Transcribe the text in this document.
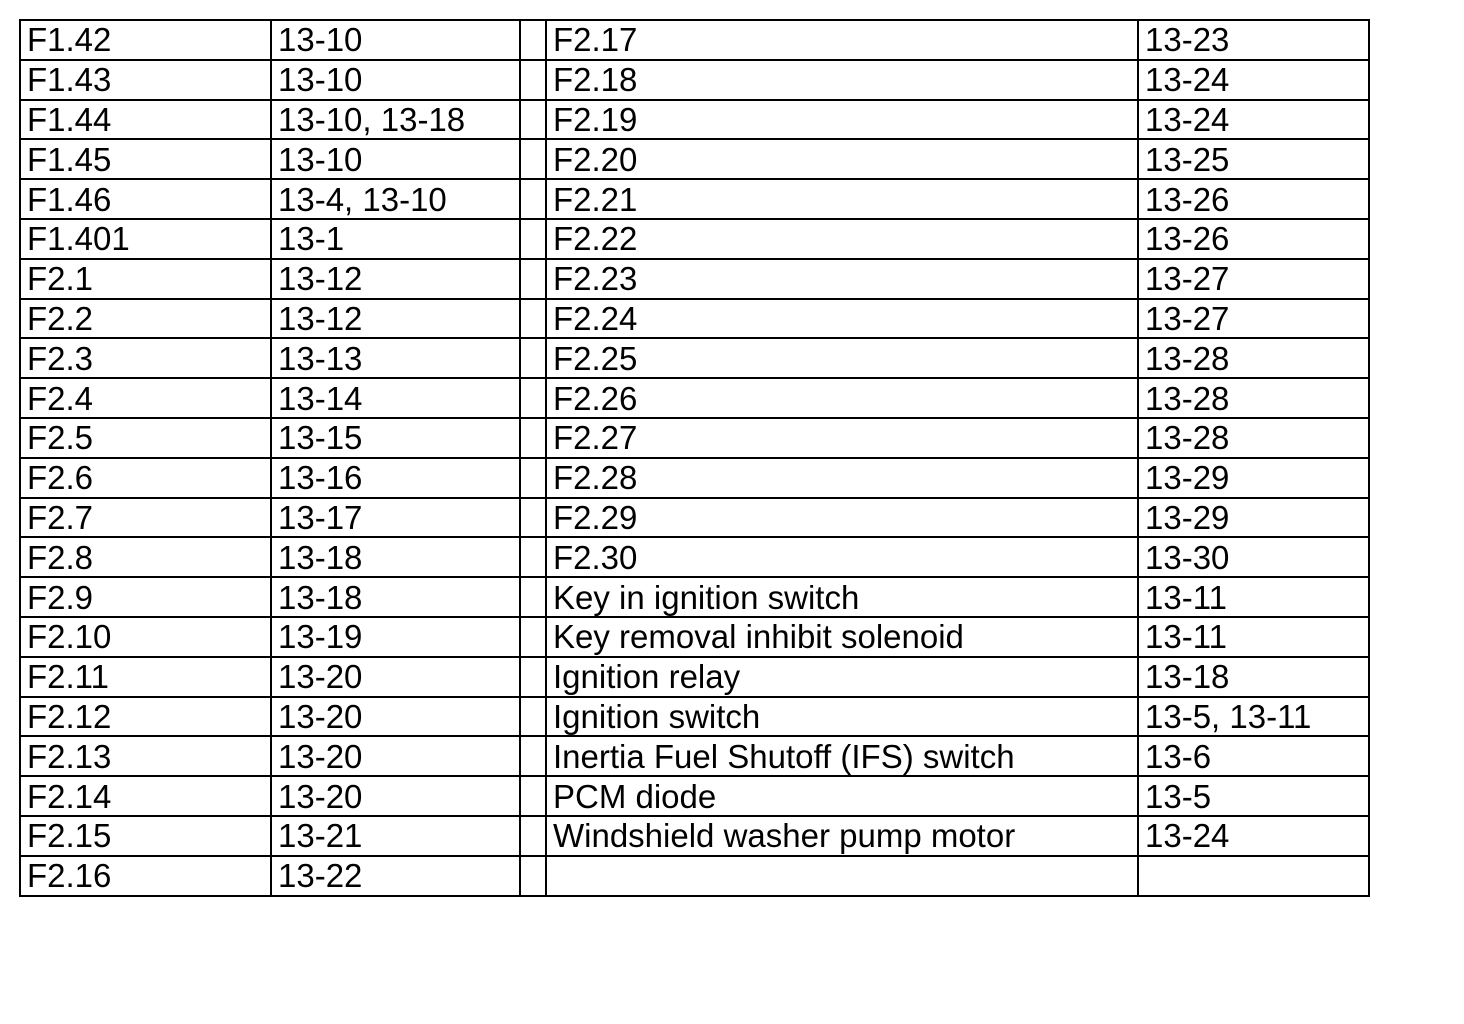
F1.42	13-10		F2.17	13-23
F1.43	13-10		F2.18	13-24
F1.44	13-10, 13-18		F2.19	13-24
F1.45	13-10		F2.20	13-25
F1.46	13-4, 13-10		F2.21	13-26
F1.401	13-1		F2.22	13-26
F2.1	13-12		F2.23	13-27
F2.2	13-12		F2.24	13-27
F2.3	13-13		F2.25	13-28
F2.4	13-14		F2.26	13-28
F2.5	13-15		F2.27	13-28
F2.6	13-16		F2.28	13-29
F2.7	13-17		F2.29	13-29
F2.8	13-18		F2.30	13-30
F2.9	13-18		Key in ignition switch	13-11
F2.10	13-19		Key removal inhibit solenoid	13-11
F2.11	13-20		Ignition relay	13-18
F2.12	13-20		Ignition switch	13-5, 13-11
F2.13	13-20		Inertia Fuel Shutoff (IFS) switch	13-6
F2.14	13-20		PCM diode	13-5
F2.15	13-21		Windshield washer pump motor	13-24
F2.16	13-22			
